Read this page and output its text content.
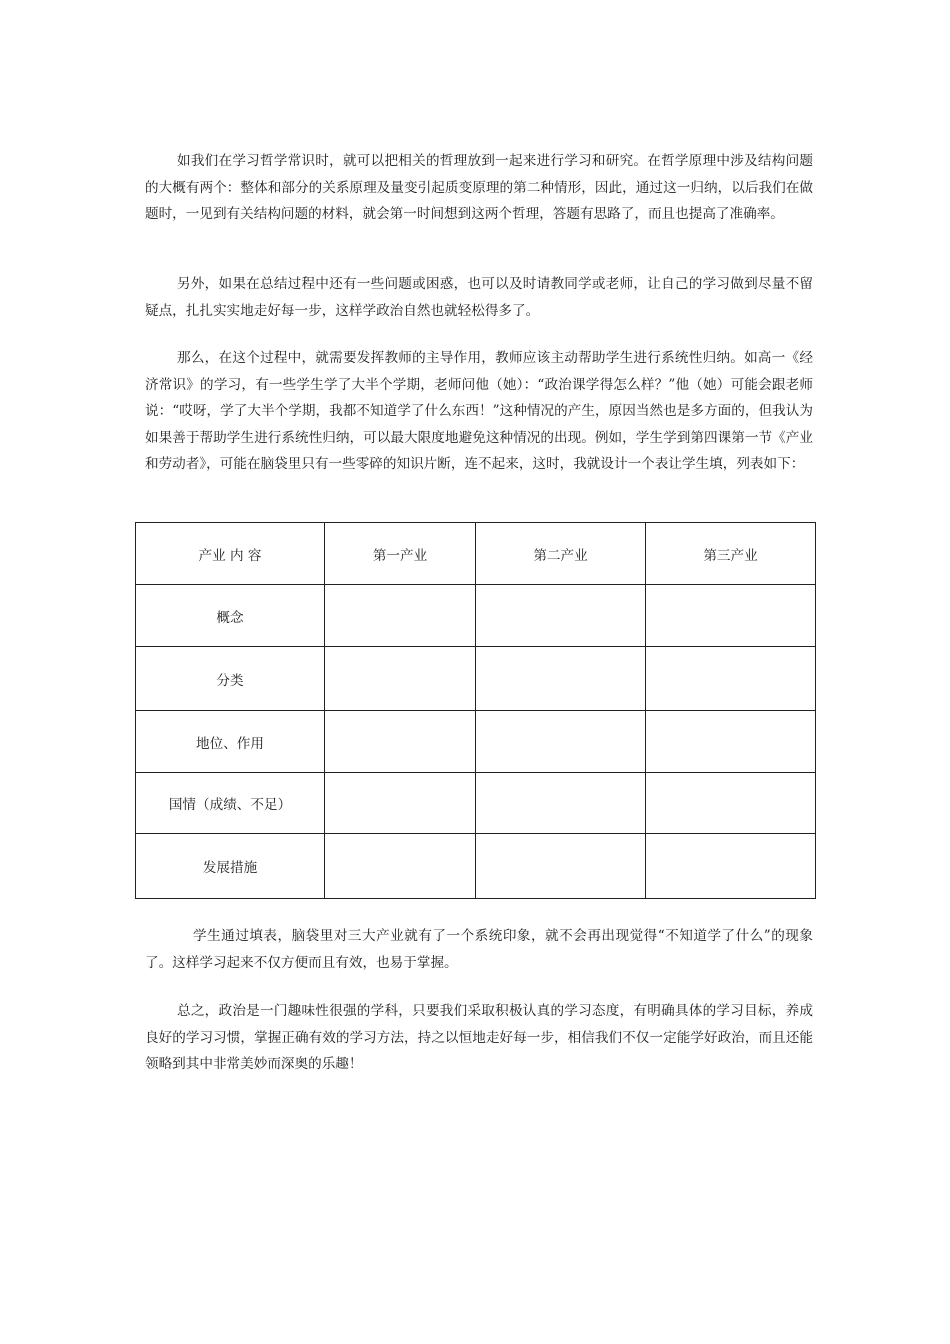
如我们在学习哲学常识时，就可以把相关的哲理放到一起来进行学习和研究。在哲学原理中涉及结构问题的大概有两个：整体和部分的关系原理及量变引起质变原理的第二种情形，因此，通过这一归纳，以后我们在做题时，一见到有关结构问题的材料，就会第一时间想到这两个哲理，答题有思路了，而且也提高了准确率。

另外，如果在总结过程中还有一些问题或困惑，也可以及时请教同学或老师，让自己的学习做到尽量不留疑点，扎扎实实地走好每一步，这样学政治自然也就轻松得多了。

那么，在这个过程中，就需要发挥教师的主导作用，教师应该主动帮助学生进行系统性归纳。如高一《经济常识》的学习，有一些学生学了大半个学期，老师问他（她）：“政治课学得怎么样？”他（她）可能会跟老师说：“哎呀，学了大半个学期，我都不知道学了什么东西！”这种情况的产生，原因当然也是多方面的，但我认为如果善于帮助学生进行系统性归纳，可以最大限度地避免这种情况的出现。例如，学生学到第四课第一节《产业和劳动者》，可能在脑袋里只有一些零碎的知识片断，连不起来，这时，我就设计一个表让学生填，列表如下：

产业 内 容	第一产业	第二产业	第三产业
概念			
分类			
地位、作用			
国情（成绩、不足）			
发展措施			

学生通过填表，脑袋里对三大产业就有了一个系统印象，就不会再出现觉得“不知道学了什么”的现象了。这样学习起来不仅方便而且有效，也易于掌握。

总之，政治是一门趣味性很强的学科，只要我们采取积极认真的学习态度，有明确具体的学习目标，养成良好的学习习惯，掌握正确有效的学习方法，持之以恒地走好每一步，相信我们不仅一定能学好政治，而且还能领略到其中非常美妙而深奥的乐趣！
